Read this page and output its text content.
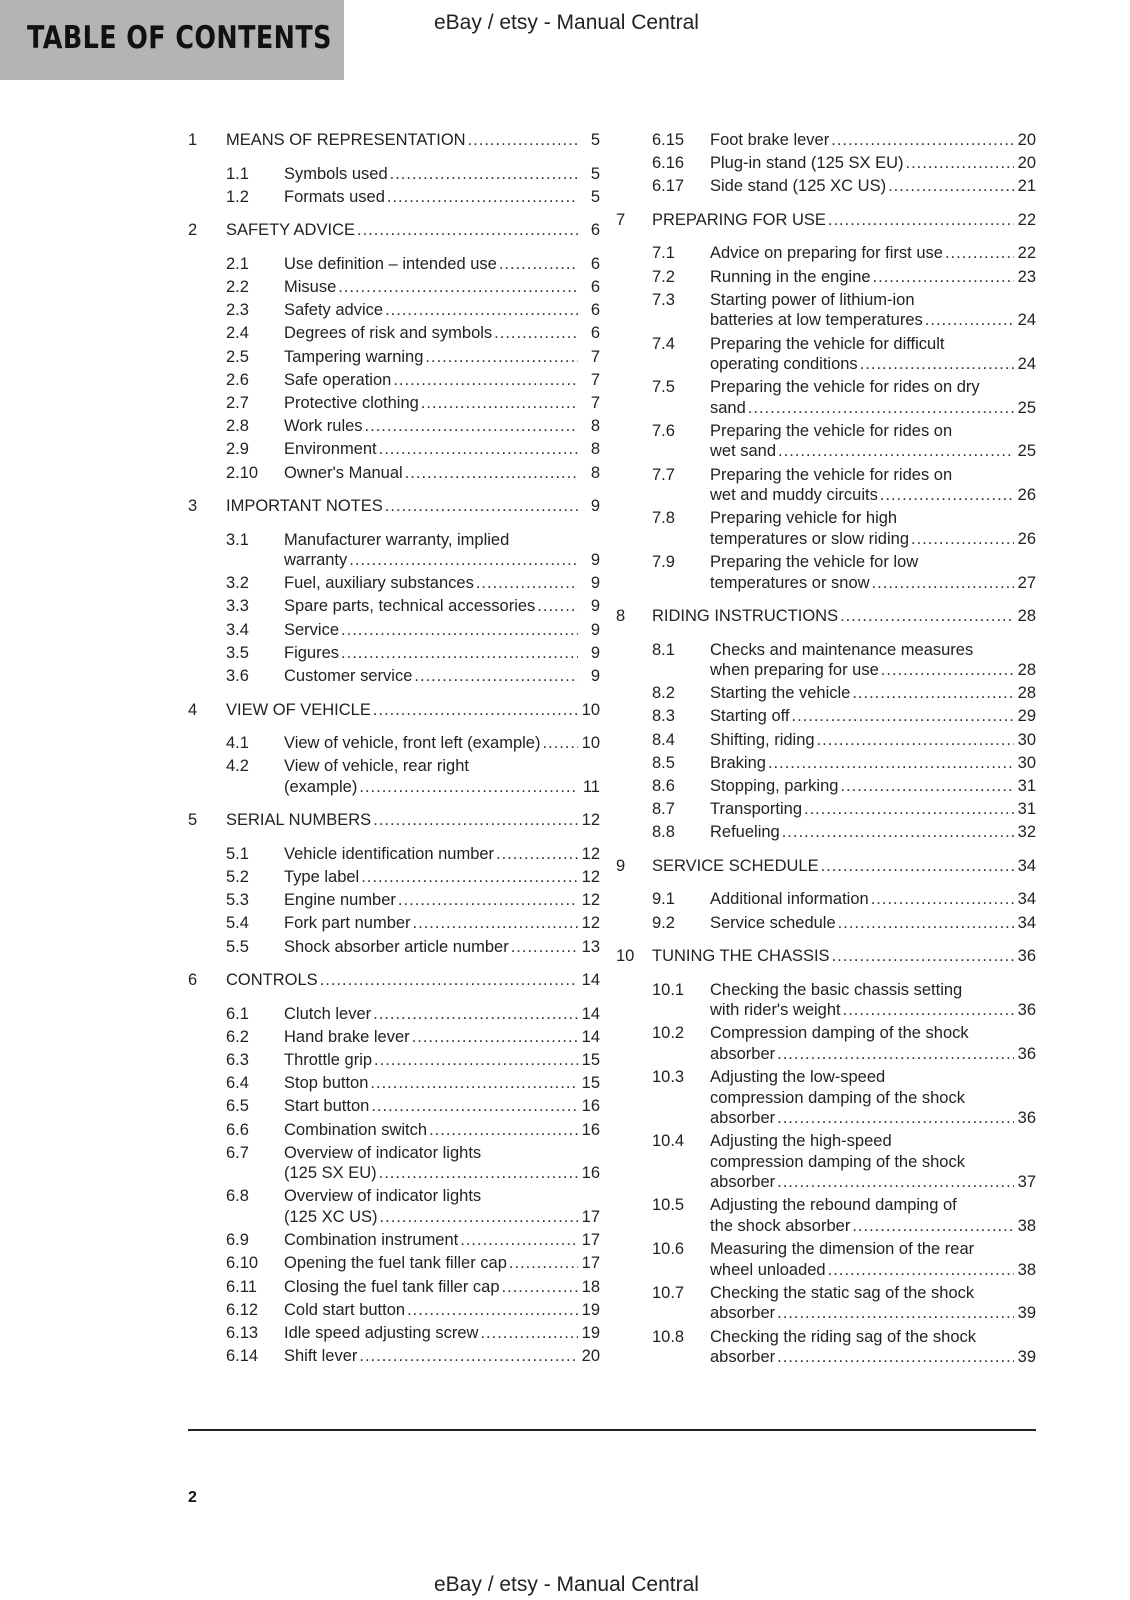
TABLE OF CONTENTS	eBay / etsy - Manual Central
1 MEANS OF REPRESENTATION .....	5
1.1 Symbols used .....	5
1.2 Formats used .....	5
2 SAFETY ADVICE .....	6
2.1 Use definition – intended use .....	6
2.2 Misuse .....	6
2.3 Safety advice .....	6
2.4 Degrees of risk and symbols .....	6
2.5 Tampering warning .....	7
2.6 Safe operation .....	7
2.7 Protective clothing .....	7
2.8 Work rules .....	8
2.9 Environment .....	8
2.10 Owner's Manual .....	8
3 IMPORTANT NOTES .....	9
3.1 Manufacturer warranty, implied
warranty .....	9
3.2 Fuel, auxiliary substances .....	9
3.3 Spare parts, technical accessories .....	9
3.4 Service .....	9
3.5 Figures .....	9
3.6 Customer service .....	9
4 VIEW OF VEHICLE .....	10
4.1 View of vehicle, front left (example) ..... 10
4.2 View of vehicle, rear right
(example) .....	11
5 SERIAL NUMBERS .....	12
5.1 Vehicle identification number .....	12
5.2 Type label .....	12
5.3 Engine number .....	12
5.4 Fork part number .....	12
5.5 Shock absorber article number .....	13
6 CONTROLS .....	14
6.1 Clutch lever .....	14
6.2 Hand brake lever .....	14
6.3 Throttle grip .....	15
6.4 Stop button .....	15
6.5 Start button .....	16
6.6 Combination switch .....	16
6.7 Overview of indicator lights
(125 SX EU) .....	16
6.8 Overview of indicator lights
(125 XC US) .....	17
6.9 Combination instrument .....	17
6.10 Opening the fuel tank filler cap .....	17
6.11 Closing the fuel tank filler cap .....	18
6.12 Cold start button .....	19
6.13 Idle speed adjusting screw .....	19
6.14 Shift lever .....	20
6.15 Foot brake lever .....	20
6.16 Plug-in stand (125 SX EU) .....	20
6.17 Side stand (125 XC US) .....	21
7 PREPARING FOR USE .....	22
7.1 Advice on preparing for first use .....	22
7.2 Running in the engine .....	23
7.3 Starting power of lithium-ion
batteries at low temperatures .....	24
7.4 Preparing the vehicle for difficult
operating conditions .....	24
7.5 Preparing the vehicle for rides on dry
sand .....	25
7.6 Preparing the vehicle for rides on
wet sand .....	25
7.7 Preparing the vehicle for rides on
wet and muddy circuits .....	26
7.8 Preparing vehicle for high
temperatures or slow riding .....	26
7.9 Preparing the vehicle for low
temperatures or snow .....	27
8 RIDING INSTRUCTIONS .....	28
8.1 Checks and maintenance measures
when preparing for use .....	28
8.2 Starting the vehicle .....	28
8.3 Starting off .....	29
8.4 Shifting, riding .....	30
8.5 Braking .....	30
8.6 Stopping, parking .....	31
8.7 Transporting .....	31
8.8 Refueling .....	32
9 SERVICE SCHEDULE .....	34
9.1 Additional information .....	34
9.2 Service schedule .....	34
10 TUNING THE CHASSIS .....	36
10.1 Checking the basic chassis setting
with rider's weight .....	36
10.2 Compression damping of the shock
absorber .....	36
10.3 Adjusting the low-speed
compression damping of the shock
absorber .....	36
10.4 Adjusting the high-speed
compression damping of the shock
absorber .....	37
10.5 Adjusting the rebound damping of
the shock absorber .....	38
10.6 Measuring the dimension of the rear
wheel unloaded .....	38
10.7 Checking the static sag of the shock
absorber .....	39
10.8 Checking the riding sag of the shock
absorber .....	39
2
eBay / etsy - Manual Central
